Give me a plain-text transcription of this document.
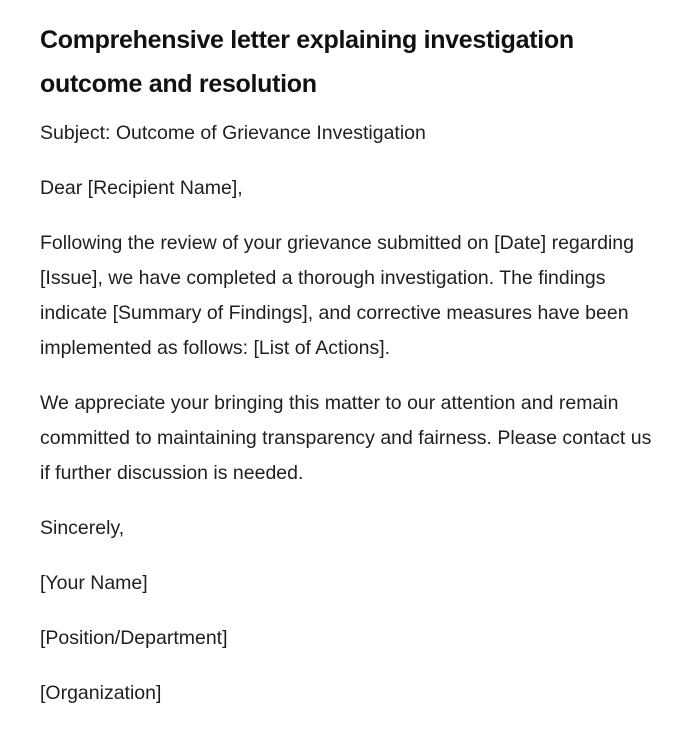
Comprehensive letter explaining investigation outcome and resolution

Subject: Outcome of Grievance Investigation

Dear [Recipient Name],

Following the review of your grievance submitted on [Date] regarding [Issue], we have completed a thorough investigation. The findings indicate [Summary of Findings], and corrective measures have been implemented as follows: [List of Actions].

We appreciate your bringing this matter to our attention and remain committed to maintaining transparency and fairness. Please contact us if further discussion is needed.

Sincerely,

[Your Name]

[Position/Department]

[Organization]
